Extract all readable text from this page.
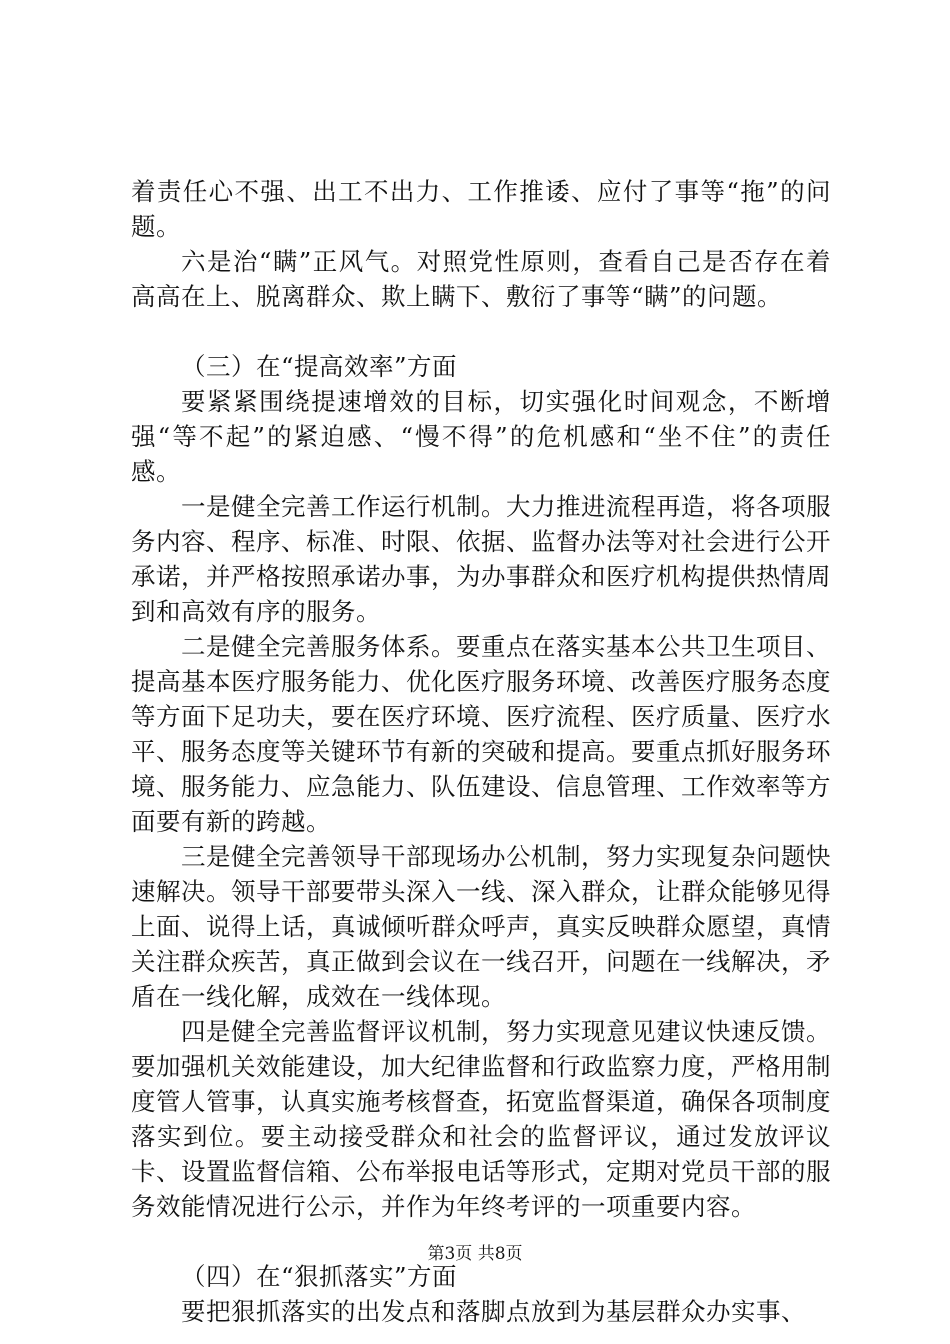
着责任心不强、出工不出力、工作推诿、应付了事等“拖”的问题。

六是治“瞒”正风气。对照党性原则，查看自己是否存在着高高在上、脱离群众、欺上瞒下、敷衍了事等“瞒”的问题。

（三）在“提高效率”方面

要紧紧围绕提速增效的目标，切实强化时间观念，不断增强“等不起”的紧迫感、“慢不得”的危机感和“坐不住”的责任感。

一是健全完善工作运行机制。大力推进流程再造，将各项服务内容、程序、标准、时限、依据、监督办法等对社会进行公开承诺，并严格按照承诺办事，为办事群众和医疗机构提供热情周到和高效有序的服务。

二是健全完善服务体系。要重点在落实基本公共卫生项目、提高基本医疗服务能力、优化医疗服务环境、改善医疗服务态度等方面下足功夫，要在医疗环境、医疗流程、医疗质量、医疗水平、服务态度等关键环节有新的突破和提高。要重点抓好服务环境、服务能力、应急能力、队伍建设、信息管理、工作效率等方面要有新的跨越。

三是健全完善领导干部现场办公机制，努力实现复杂问题快速解决。领导干部要带头深入一线、深入群众，让群众能够见得上面、说得上话，真诚倾听群众呼声，真实反映群众愿望，真情关注群众疾苦，真正做到会议在一线召开，问题在一线解决，矛盾在一线化解，成效在一线体现。

四是健全完善监督评议机制，努力实现意见建议快速反馈。要加强机关效能建设，加大纪律监督和行政监察力度，严格用制度管人管事，认真实施考核督查，拓宽监督渠道，确保各项制度落实到位。要主动接受群众和社会的监督评议，通过发放评议卡、设置监督信箱、公布举报电话等形式，定期对党员干部的服务效能情况进行公示，并作为年终考评的一项重要内容。

（四）在“狠抓落实”方面

要把狠抓落实的出发点和落脚点放到为基层群众办实事、

第3页 共8页
